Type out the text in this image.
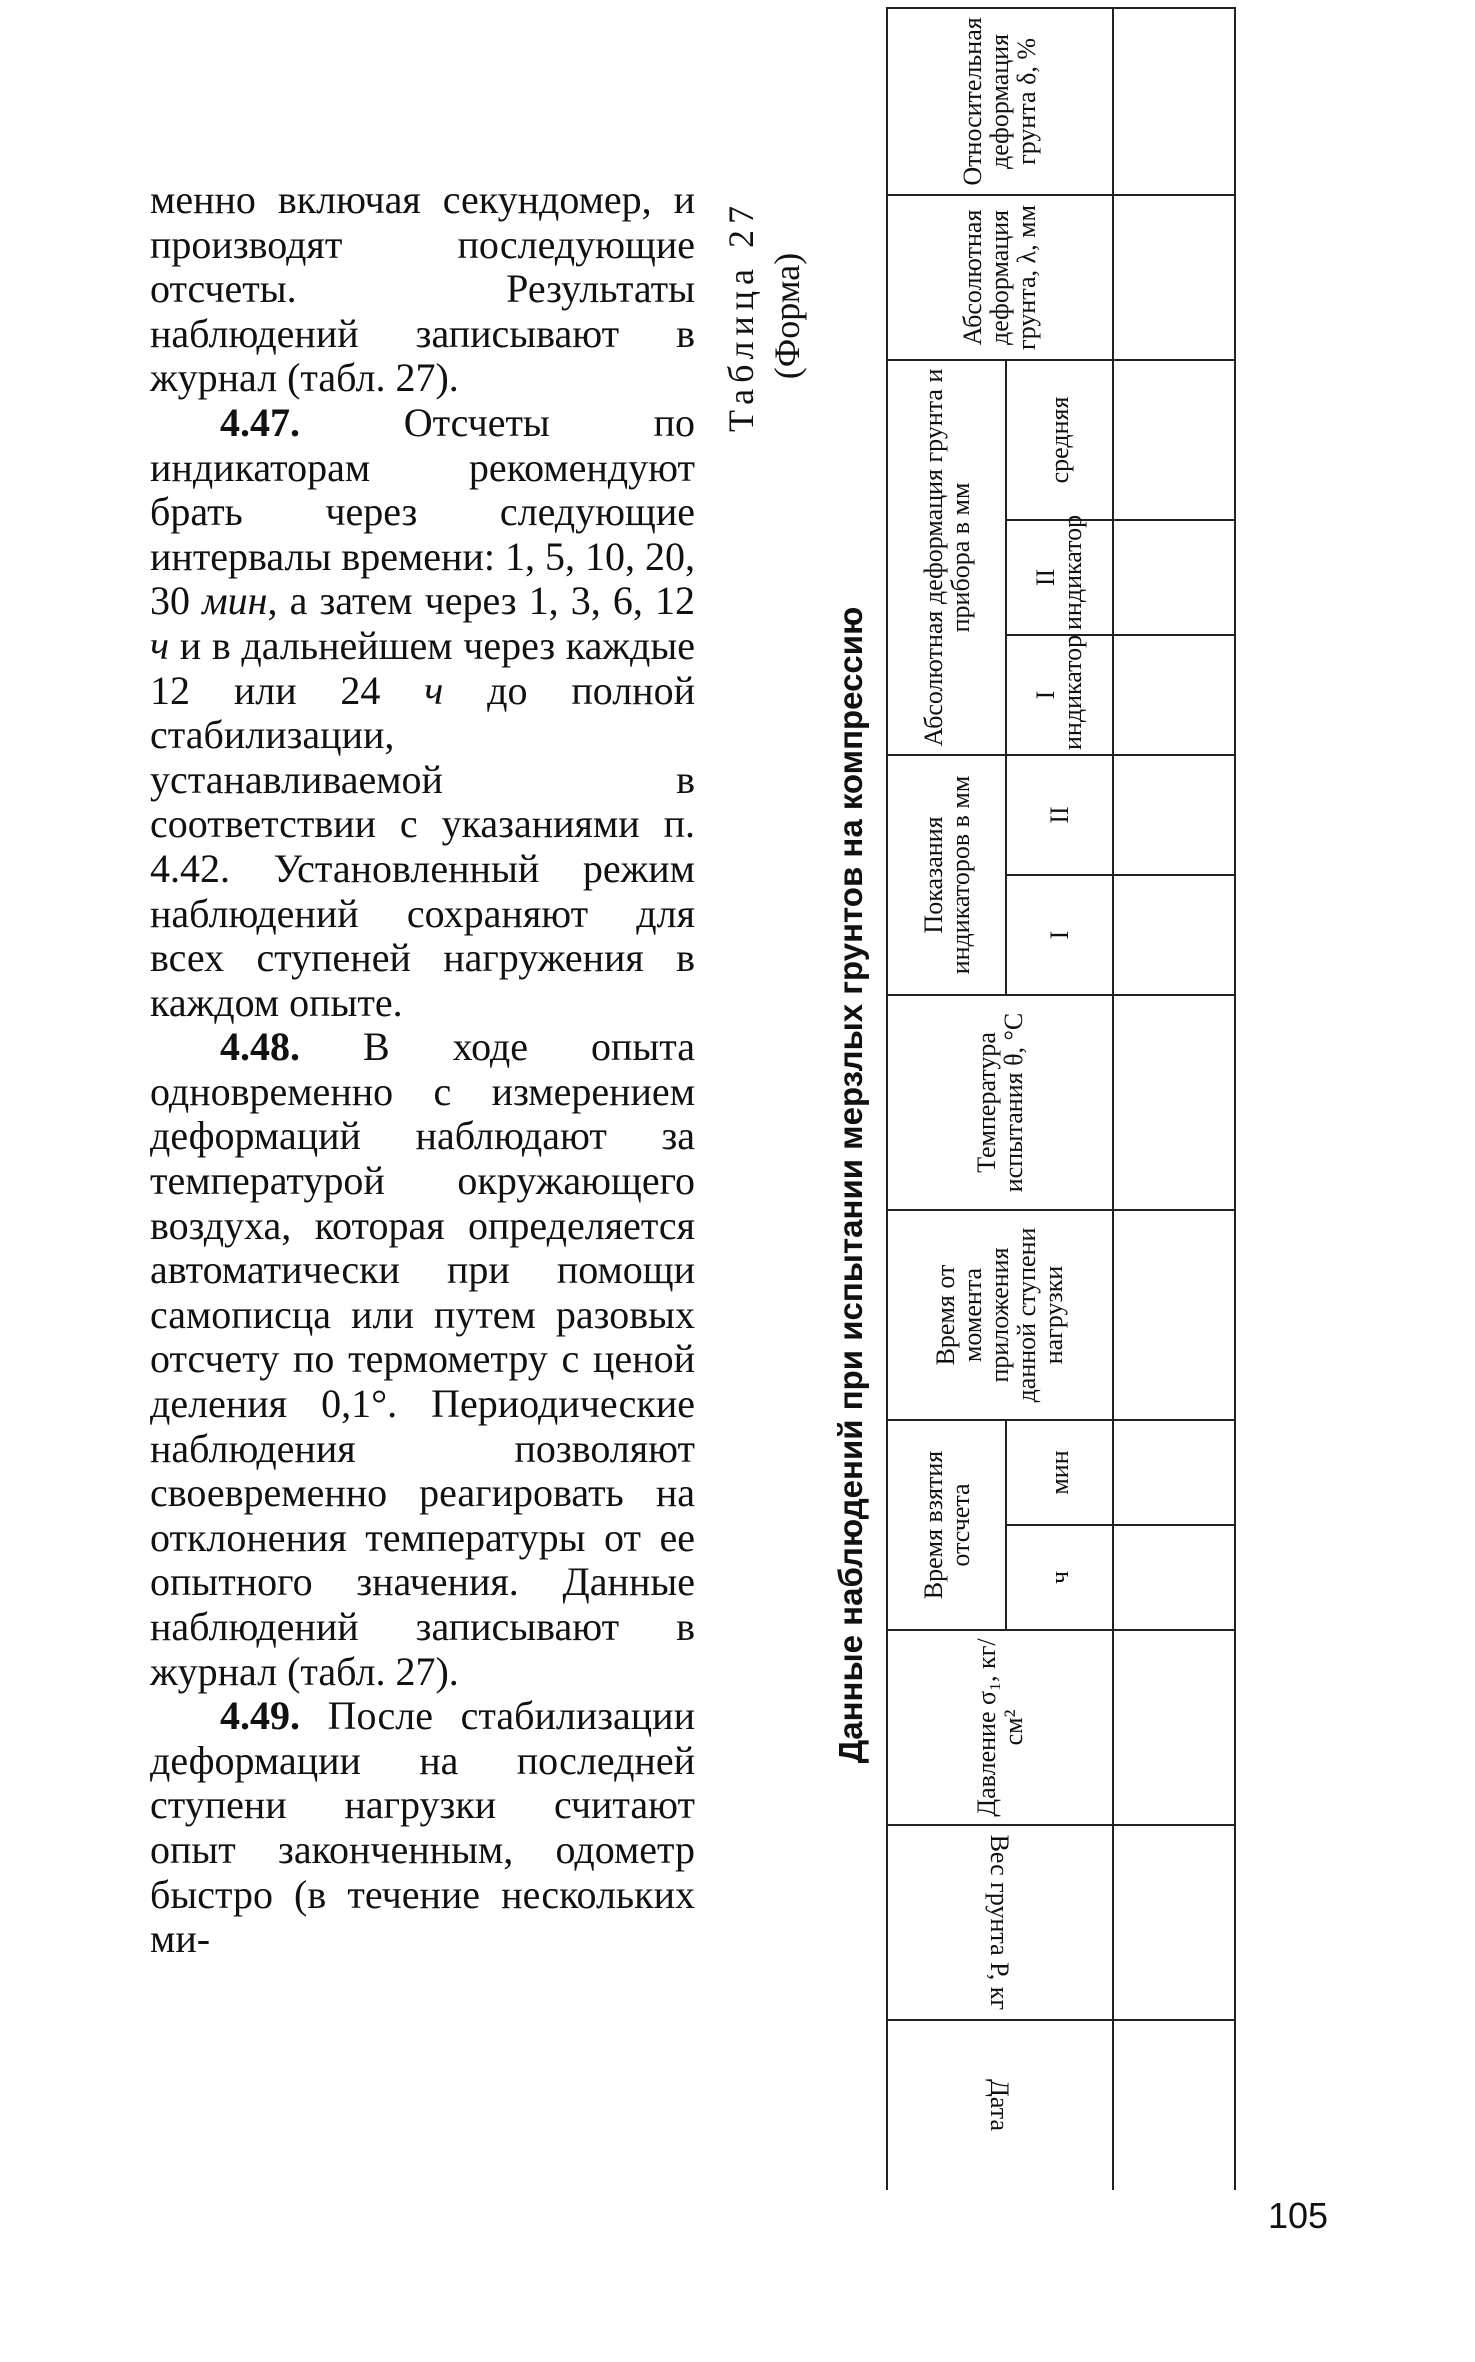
менно включая секундомер, и производят последующие отсчеты. Результаты наблюдений записывают в журнал (табл. 27).

4.47. Отсчеты по индикаторам рекомендуют брать через следующие интервалы времени: 1, 5, 10, 20, 30 мин, а затем через 1, 3, 6, 12 ч и в дальнейшем через каждые 12 или 24 ч до полной стабилизации, устанавливаемой в соответствии с указаниями п. 4.42. Установленный режим наблюдений сохраняют для всех ступеней нагружения в каждом опыте.

4.48. В ходе опыта одновременно с измерением деформаций наблюдают за температурой окружающего воздуха, которая определяется автоматически при помощи самописца или путем разовых отсчету по термометру с ценой деления 0,1°. Периодические наблюдения позволяют своевременно реагировать на отклонения температуры от ее опытного значения. Данные наблюдений записывают в журнал (табл. 27).

4.49. После стабилизации деформации на последней ступени нагрузки считают опыт законченным, одометр быстро (в течение нескольких ми-

Таблица 27 (Форма)
Данные наблюдений при испытании мерзлых грунтов на компрессию
Дата	Вес грунта P, кг	Давление σ₁, кг/см²	Время взятия отсчета		Время от момента приложения данной ступени нагрузки	Температура испытания θ, °C	Показания индикаторов в мм		Абсолютная деформация грунта и прибора в мм			Абсолютная деформация грунта, λ, мм	Относительная деформация грунта δ, %
			ч	мин			I	II	I индикатор	II индикатор	средняя		

105
